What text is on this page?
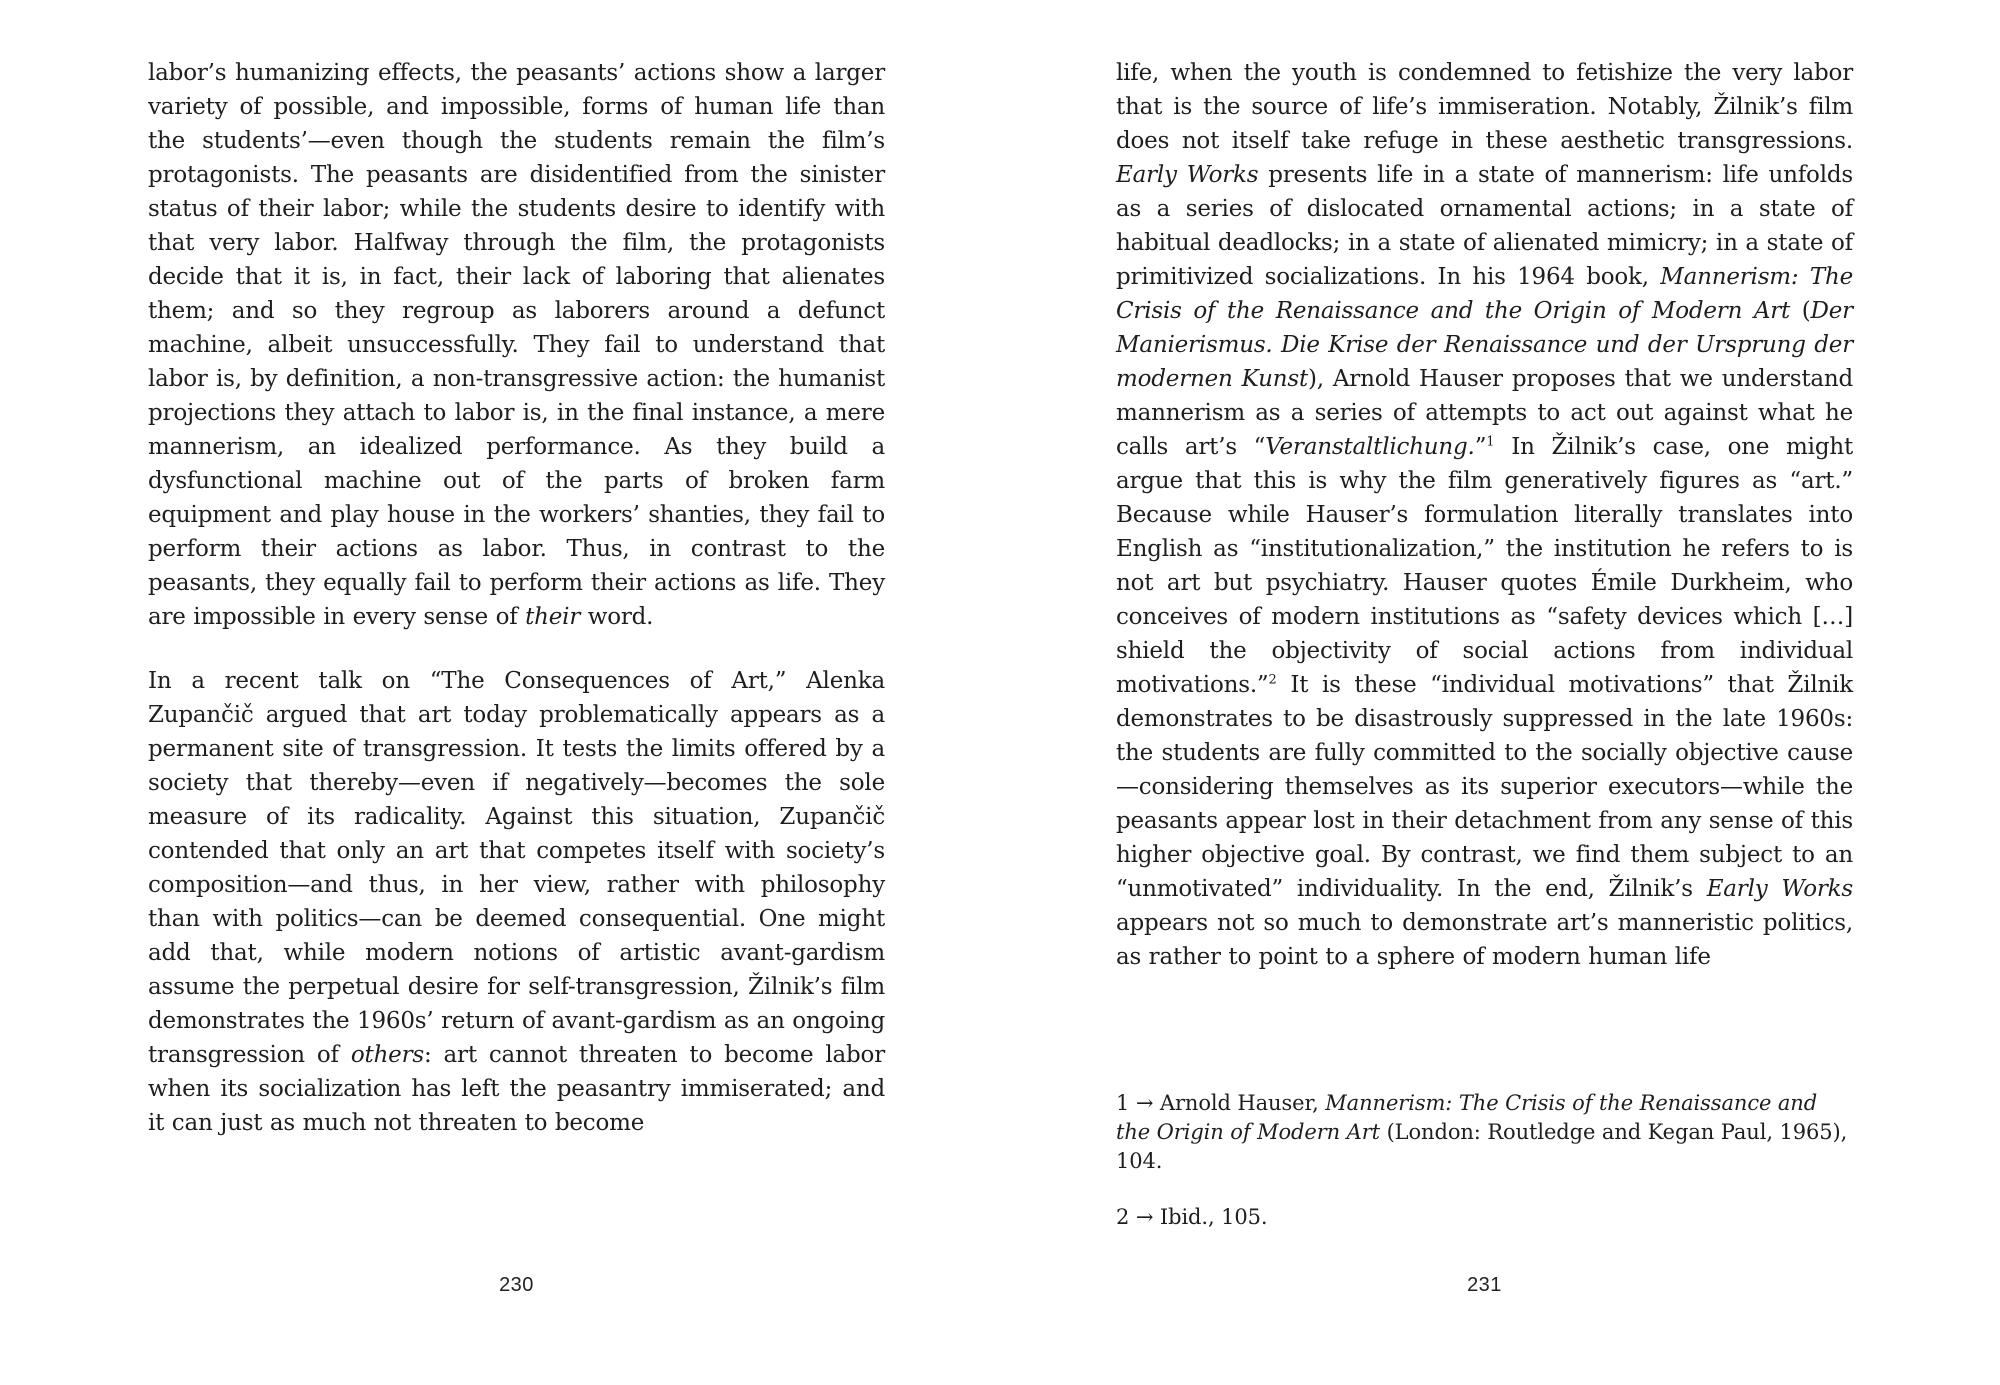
labor’s humanizing effects, the peasants’ actions show a larger variety of possible, and impossible, forms of human life than the students’—even though the students remain the film’s protagonists. The peasants are disidentified from the sinister status of their labor; while the students desire to identify with that very labor. Halfway through the film, the protagonists decide that it is, in fact, their lack of laboring that alienates them; and so they regroup as laborers around a defunct machine, albeit unsuccessfully. They fail to understand that labor is, by definition, a non-transgressive action: the humanist projections they attach to labor is, in the final instance, a mere mannerism, an idealized performance. As they build a dysfunctional machine out of the parts of broken farm equipment and play house in the workers’ shanties, they fail to perform their actions as labor. Thus, in contrast to the peasants, they equally fail to perform their actions as life. They are impossible in every sense of their word.

In a recent talk on “The Consequences of Art,” Alenka Zupančič argued that art today problematically appears as a permanent site of transgression. It tests the limits offered by a society that thereby—even if negatively—becomes the sole measure of its radicality. Against this situation, Zupančič contended that only an art that competes itself with society’s composition—and thus, in her view, rather with philosophy than with politics—can be deemed consequential. One might add that, while modern notions of artistic avant-gardism assume the perpetual desire for self-transgression, Žilnik’s film demonstrates the 1960s’ return of avant-gardism as an ongoing transgression of others: art cannot threaten to become labor when its socialization has left the peasantry immiserated; and it can just as much not threaten to become

230

life, when the youth is condemned to fetishize the very labor that is the source of life’s immiseration. Notably, Žilnik’s film does not itself take refuge in these aesthetic transgressions. Early Works presents life in a state of mannerism: life unfolds as a series of dislocated ornamental actions; in a state of habitual deadlocks; in a state of alienated mimicry; in a state of primitivized socializations. In his 1964 book, Mannerism: The Crisis of the Renaissance and the Origin of Modern Art (Der Manierismus. Die Krise der Renaissance und der Ursprung der modernen Kunst), Arnold Hauser proposes that we understand mannerism as a series of attempts to act out against what he calls art’s “Veranstaltlichung.”$^1$ In Žilnik’s case, one might argue that this is why the film generatively figures as “art.” Because while Hauser’s formulation literally translates into English as “institutionalization,” the institution he refers to is not art but psychiatry. Hauser quotes Émile Durkheim, who conceives of modern institutions as “safety devices which […] shield the objectivity of social actions from individual motivations.”$^2$ It is these “individual motivations” that Žilnik demonstrates to be disastrously suppressed in the late 1960s: the students are fully committed to the socially objective cause—considering themselves as its superior executors—while the peasants appear lost in their detachment from any sense of this higher objective goal. By contrast, we find them subject to an “unmotivated” individuality. In the end, Žilnik’s Early Works appears not so much to demonstrate art’s manneristic politics, as rather to point to a sphere of modern human life

1 → Arnold Hauser, Mannerism: The Crisis of the Renaissance and the Origin of Modern Art (London: Routledge and Kegan Paul, 1965), 104.

2 → Ibid., 105.

231
